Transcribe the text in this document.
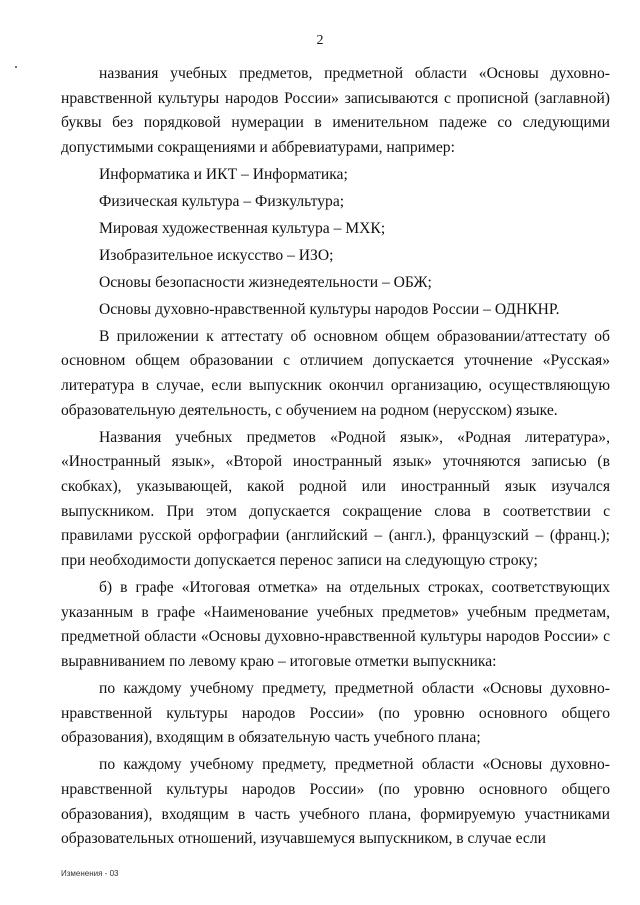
2

названия учебных предметов, предметной области «Основы духовно-нравственной культуры народов России» записываются с прописной (заглавной) буквы без порядковой нумерации в именительном падеже со следующими допустимыми сокращениями и аббревиатурами, например:

Информатика и ИКТ – Информатика;

Физическая культура – Физкультура;

Мировая художественная культура – МХК;

Изобразительное искусство – ИЗО;

Основы безопасности жизнедеятельности – ОБЖ;

Основы духовно-нравственной культуры народов России – ОДНКНР.

В приложении к аттестату об основном общем образовании/аттестату об основном общем образовании с отличием допускается уточнение «Русская» литература в случае, если выпускник окончил организацию, осуществляющую образовательную деятельность, с обучением на родном (нерусском) языке.

Названия учебных предметов «Родной язык», «Родная литература», «Иностранный язык», «Второй иностранный язык» уточняются записью (в скобках), указывающей, какой родной или иностранный язык изучался выпускником. При этом допускается сокращение слова в соответствии с правилами русской орфографии (английский – (англ.), французский – (франц.); при необходимости допускается перенос записи на следующую строку;

б) в графе «Итоговая отметка» на отдельных строках, соответствующих указанным в графе «Наименование учебных предметов» учебным предметам, предметной области «Основы духовно-нравственной культуры народов России» с выравниванием по левому краю – итоговые отметки выпускника:

по каждому учебному предмету, предметной области «Основы духовно-нравственной культуры народов России» (по уровню основного общего образования), входящим в обязательную часть учебного плана;

по каждому учебному предмету, предметной области «Основы духовно-нравственной культуры народов России» (по уровню основного общего образования), входящим в часть учебного плана, формируемую участниками образовательных отношений, изучавшемуся выпускником, в случае если

Изменения - 03
